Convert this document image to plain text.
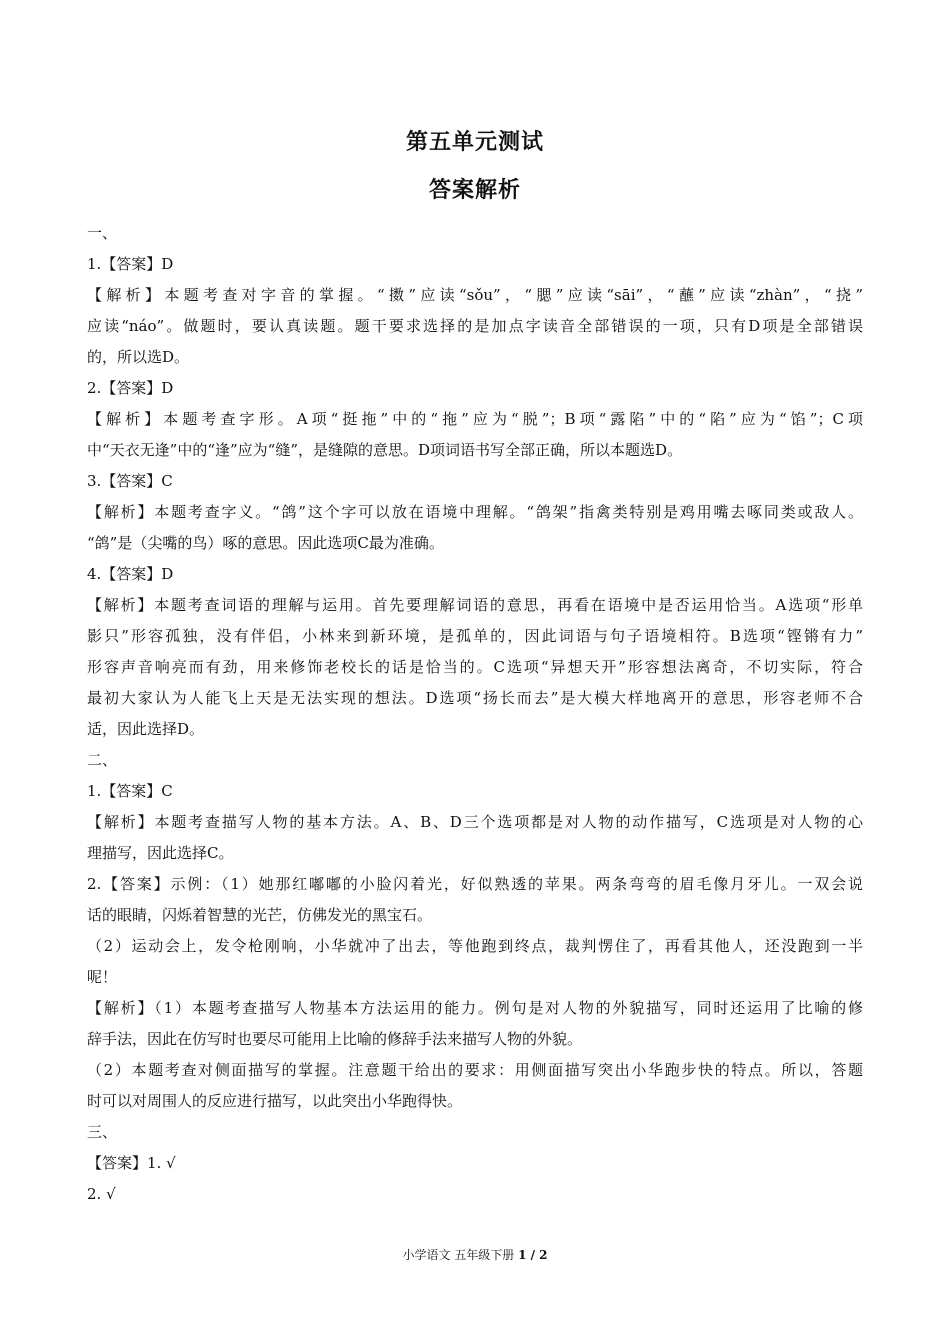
第五单元测试
答案解析
一、
1.【答案】D
【解析】本题考查对字音的掌握。“擞”应读“sǒu”，“腮”应读“sāi”，“蘸”应读“zhàn”，“挠”
应读“náo”。做题时，要认真读题。题干要求选择的是加点字读音全部错误的一项，只有D项是全部错误
的，所以选D。
2.【答案】D
【解析】本题考查字形。A项“挺拖”中的“拖”应为“脱”；B项“露陷”中的“陷”应为“馅”；C项
中“天衣无逢”中的“逢”应为“缝”，是缝隙的意思。D项词语书写全部正确，所以本题选D。
3.【答案】C
【解析】本题考查字义。“鸽”这个字可以放在语境中理解。“鸽架”指禽类特别是鸡用嘴去啄同类或敌人。
“鸽”是（尖嘴的鸟）啄的意思。因此选项C最为准确。
4.【答案】D
【解析】本题考查词语的理解与运用。首先要理解词语的意思，再看在语境中是否运用恰当。A选项“形单
影只”形容孤独，没有伴侣，小林来到新环境，是孤单的，因此词语与句子语境相符。B选项“铿锵有力”
形容声音响亮而有劲，用来修饰老校长的话是恰当的。C选项“异想天开”形容想法离奇，不切实际，符合
最初大家认为人能飞上天是无法实现的想法。D选项“扬长而去”是大模大样地离开的意思，形容老师不合
适，因此选择D。
二、
1.【答案】C
【解析】本题考查描写人物的基本方法。A、B、D三个选项都是对人物的动作描写，C选项是对人物的心
理描写，因此选择C。
2.【答案】示例：（1）她那红嘟嘟的小脸闪着光，好似熟透的苹果。两条弯弯的眉毛像月牙儿。一双会说
话的眼睛，闪烁着智慧的光芒，仿佛发光的黑宝石。
（2）运动会上，发令枪刚响，小华就冲了出去，等他跑到终点，裁判愣住了，再看其他人，还没跑到一半
呢！
【解析】（1）本题考查描写人物基本方法运用的能力。例句是对人物的外貌描写，同时还运用了比喻的修
辞手法，因此在仿写时也要尽可能用上比喻的修辞手法来描写人物的外貌。
（2）本题考查对侧面描写的掌握。注意题干给出的要求：用侧面描写突出小华跑步快的特点。所以，答题
时可以对周围人的反应进行描写，以此突出小华跑得快。
三、
【答案】1. √
2. √
小学语文 五年级下册 1 / 2
